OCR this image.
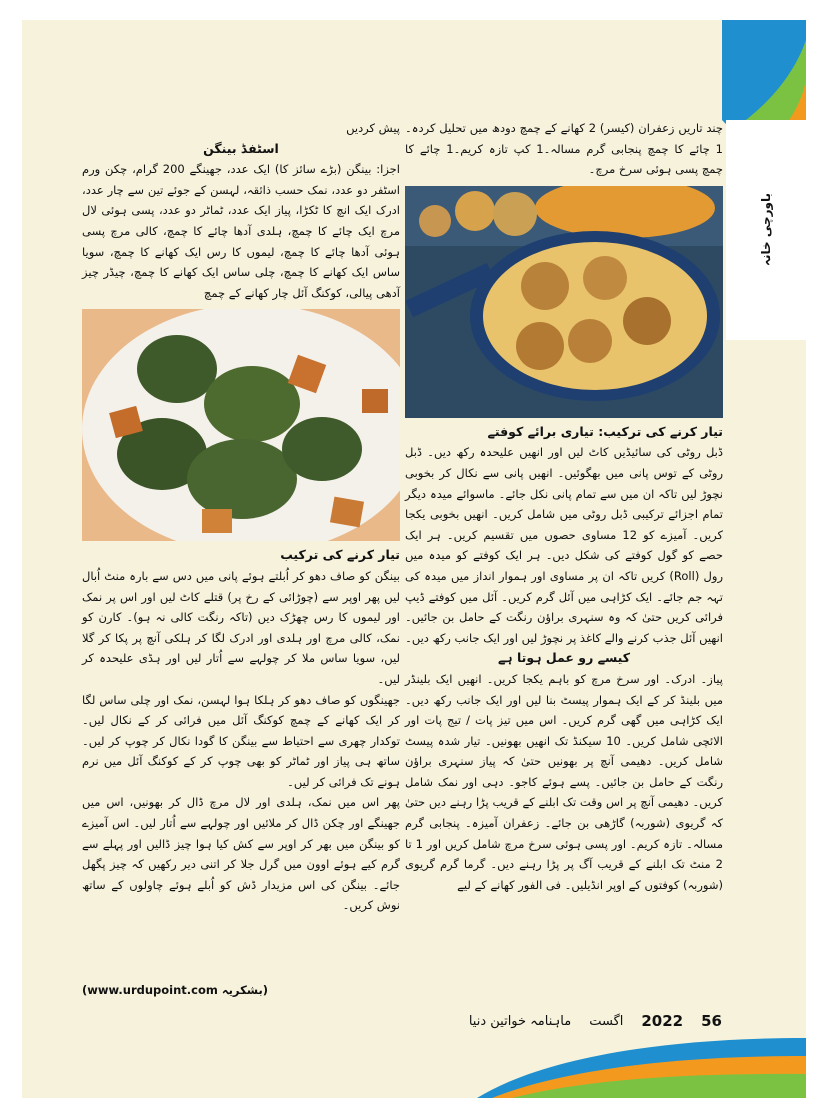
باورچی خانہ

چند تاریں زعفران (کیسر) 2 کھانے کے چمچ دودھ میں تحلیل کردہ۔1 چائے کا چمچ پنجابی گرم مسالہ۔1 کپ تازہ کریم۔1 چائے کا چمچ پسی ہوئی سرخ مرچ۔

تیار کرنے کی ترکیب: تیاری برائے کوفتے

ڈبل روٹی کی سائیڈیں کاٹ لیں اور انھیں علیحدہ رکھ دیں۔ ڈبل روٹی کے توس پانی میں بھگوئیں۔ انھیں پانی سے نکال کر بخوبی نچوڑ لیں تاکہ ان میں سے تمام پانی نکل جائے۔ ماسوائے میدہ دیگر تمام اجزائے ترکیبی ڈبل روٹی میں شامل کریں۔ انھیں بخوبی یکجا کریں۔ آمیزے کو 12 مساوی حصوں میں تقسیم کریں۔ ہر ایک حصے کو گول کوفتے کی شکل دیں۔ ہر ایک کوفتے کو میدہ میں رول (Roll) کریں تاکہ ان پر مساوی اور ہموار انداز میں میدہ کی تہہ جم جائے۔ ایک کڑاہی میں آئل گرم کریں۔ آئل میں کوفتے ڈیپ فرائی کریں حتیٰ کہ وہ سنہری براؤن رنگت کے حامل بن جائیں۔ انھیں آئل جذب کرنے والے کاغذ پر نچوڑ لیں اور ایک جانب رکھ دیں۔

کیسے رو عمل ہوتا ہے

پیاز۔ ادرک۔ اور سرخ مرچ کو باہم یکجا کریں۔ انھیں ایک بلینڈر میں بلینڈ کر کے ایک ہموار پیسٹ بنا لیں اور ایک جانب رکھ دیں۔ ایک کڑاہی میں گھی گرم کریں۔ اس میں تیز پات / تیج پات اور الائچی شامل کریں۔ 10 سیکنڈ تک انھیں بھونیں۔ تیار شدہ پیسٹ شامل کریں۔ دھیمی آنچ پر بھونیں حتیٰ کہ پیاز سنہری براؤن رنگت کے حامل بن جائیں۔ پسے ہوئے کاجو۔ دہی اور نمک شامل کریں۔ دھیمی آنچ پر اس وقت تک ابلنے کے قریب پڑا رہنے دیں حتیٰ کہ گریوی (شوربہ) گاڑھی بن جائے۔ زعفران آمیزہ۔ پنجابی گرم مسالہ۔ تازہ کریم۔ اور پسی ہوئی سرخ مرچ شامل کریں اور 1 تا 2 منٹ تک ابلنے کے قریب آگ پر پڑا رہنے دیں۔ گرما گرم گریوی (شوربہ) کوفتوں کے اوپر انڈیلیں۔ فی الفور کھانے کے لیے

پیش کردیں

اسٹفڈ بینگن

اجزا: بینگن (بڑے سائز کا) ایک عدد، جھینگے 200 گرام، چکن ورم اسٹفر دو عدد، نمک حسب ذائقہ، لہسن کے جوئے تین سے چار عدد، ادرک ایک انچ کا ٹکڑا، پیاز ایک عدد، ٹماٹر دو عدد، پسی ہوئی لال مرچ ایک چائے کا چمچ، ہلدی آدھا چائے کا چمچ، کالی مرچ پسی ہوئی آدھا چائے کا چمچ، لیموں کا رس ایک کھانے کا چمچ، سویا ساس ایک کھانے کا چمچ، چلی ساس ایک کھانے کا چمچ، چیڈر چیز آدھی پیالی، کوکنگ آئل چار کھانے کے چمچ

تیار کرنے کی ترکیب

بینگن کو صاف دھو کر اُبلتے ہوئے پانی میں دس سے بارہ منٹ اُبال لیں پھر اوپر سے (چوڑائی کے رخ پر) قتلے کاٹ لیں اور اس پر نمک اور لیموں کا رس چھڑک دیں (تاکہ رنگت کالی نہ ہو)۔ کارن کو نمک، کالی مرچ اور ہلدی اور ادرک لگا کر ہلکی آنچ پر پکا کر گلا لیں، سویا ساس ملا کر چولہے سے اُتار لیں اور ہڈی علیحدہ کر لیں۔

جھینگوں کو صاف دھو کر ہلکا ہوا لہسن، نمک اور چلی ساس لگا کر ایک کھانے کے چمچ کوکنگ آئل میں فرائی کر کے نکال لیں۔ توکدار چھری سے احتیاط سے بینگن کا گودا نکال کر چوپ کر لیں۔ ساتھ ہی پیاز اور ٹماٹر کو بھی چوپ کر کے کوکنگ آئل میں نرم ہونے تک فرائی کر لیں۔

پھر اس میں نمک، ہلدی اور لال مرچ ڈال کر بھونیں، اس میں جھینگے اور چکن ڈال کر ملائیں اور چولہے سے اُتار لیں۔ اس آمیزے کو بینگن میں بھر کر اوپر سے کش کیا ہوا چیز ڈالیں اور پہلے سے گرم کیے ہوئے اوون میں گرل جلا کر اتنی دیر رکھیں کہ چیز پگھل جائے۔ بینگن کی اس مزیدار ڈش کو اُبلے ہوئے چاولوں کے ساتھ نوش کریں۔

(www.urdupoint.com بشکریہ)
56
2022
اگست
ماہنامہ خواتین دنیا
